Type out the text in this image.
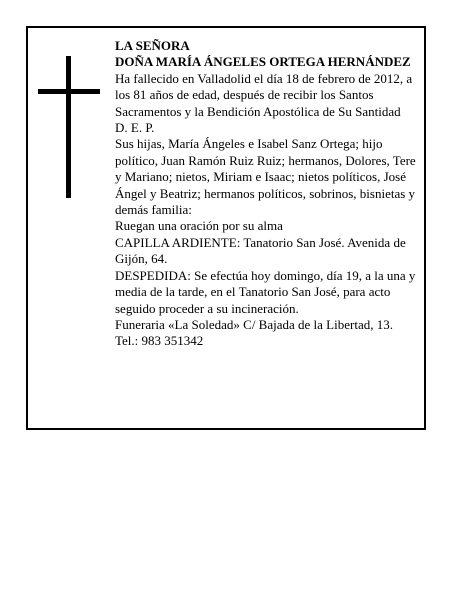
LA SEÑORA

DOÑA MARÍA ÁNGELES ORTEGA HERNÁNDEZ

Ha fallecido en Valladolid el día 18 de febrero de 2012, a los 81 años de edad, después de recibir los Santos Sacramentos y la Bendición Apostólica de Su Santidad

D. E. P.

Sus hijas, María Ángeles e Isabel Sanz Ortega; hijo político, Juan Ramón Ruiz Ruiz; hermanos, Dolores, Tere y Mariano; nietos, Miriam e Isaac; nietos políticos, José Ángel y Beatriz; hermanos políticos, sobrinos, bisnietas y demás familia:

Ruegan una oración por su alma

CAPILLA ARDIENTE: Tanatorio San José. Avenida de Gijón, 64.

DESPEDIDA: Se efectúa hoy domingo, día 19, a la una y media de la tarde, en el Tanatorio San José, para acto seguido proceder a su incineración.

Funeraria «La Soledad» C/ Bajada de la Libertad, 13.

Tel.: 983 351342
